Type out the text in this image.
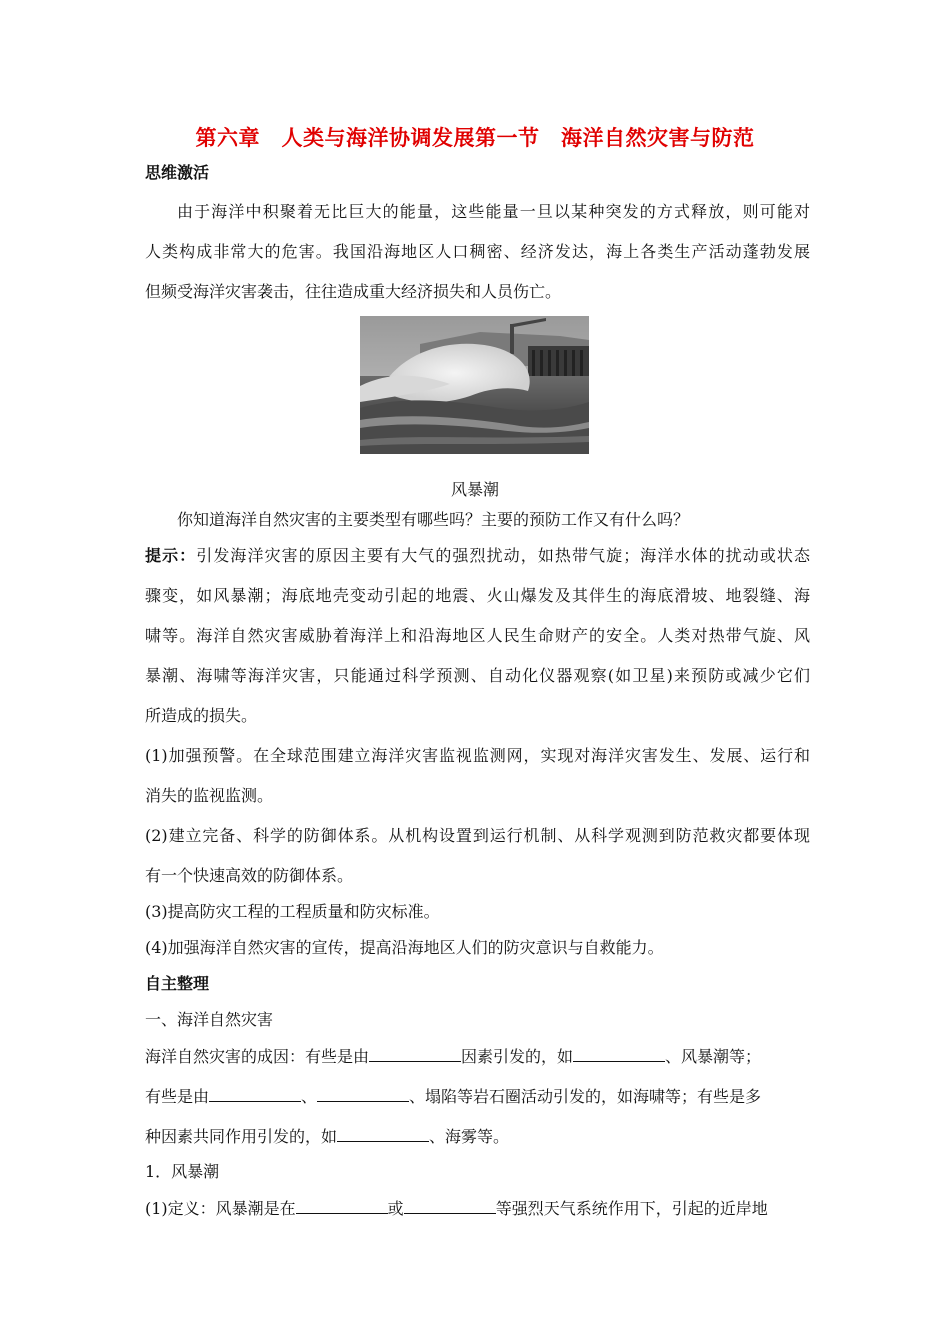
第六章　人类与海洋协调发展第一节　海洋自然灾害与防范
思维激活
由于海洋中积聚着无比巨大的能量，这些能量一旦以某种突发的方式释放，则可能对
人类构成非常大的危害。我国沿海地区人口稠密、经济发达，海上各类生产活动蓬勃发展
但频受海洋灾害袭击，往往造成重大经济损失和人员伤亡。
风暴潮
你知道海洋自然灾害的主要类型有哪些吗？主要的预防工作又有什么吗？
提示：引发海洋灾害的原因主要有大气的强烈扰动，如热带气旋；海洋水体的扰动或状态
骤变，如风暴潮；海底地壳变动引起的地震、火山爆发及其伴生的海底滑坡、地裂缝、海
啸等。海洋自然灾害威胁着海洋上和沿海地区人民生命财产的安全。人类对热带气旋、风
暴潮、海啸等海洋灾害，只能通过科学预测、自动化仪器观察(如卫星)来预防或减少它们
所造成的损失。
(1)加强预警。在全球范围建立海洋灾害监视监测网，实现对海洋灾害发生、发展、运行和
消失的监视监测。
(2)建立完备、科学的防御体系。从机构设置到运行机制、从科学观测到防范救灾都要体现
有一个快速高效的防御体系。
(3)提高防灾工程的工程质量和防灾标准。
(4)加强海洋自然灾害的宣传，提高沿海地区人们的防灾意识与自救能力。
自主整理
一、海洋自然灾害
海洋自然灾害的成因：有些是由	因素引发的，如	、风暴潮等；
有些是由	、	、塌陷等岩石圈活动引发的，如海啸等；有些是多
种因素共同作用引发的，如	、海雾等。
1．风暴潮
(1)定义：风暴潮是在	或	等强烈天气系统作用下，引起的近岸地
